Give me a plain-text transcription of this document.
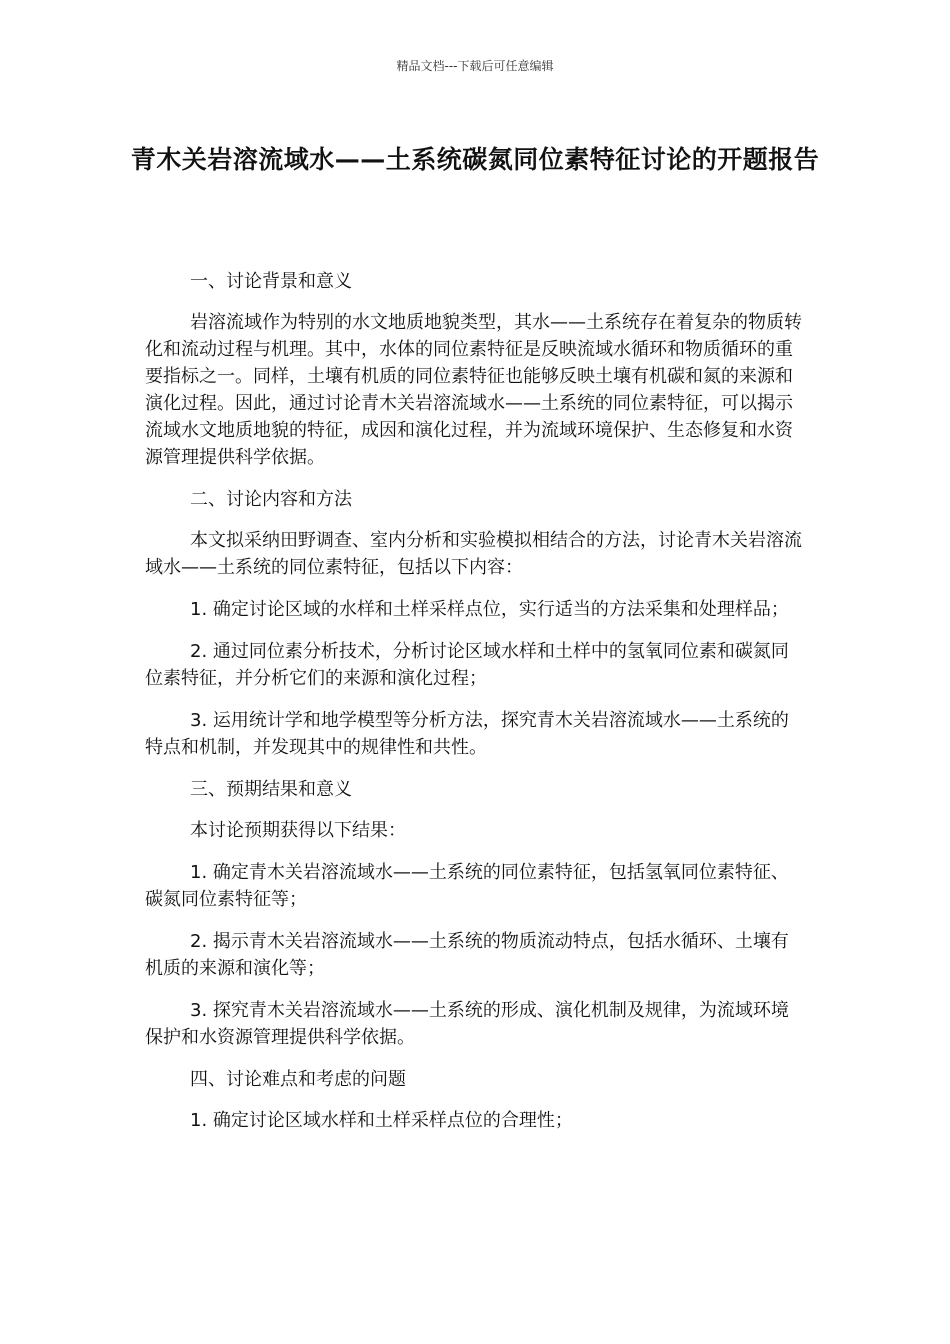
精品文档---下载后可任意编辑
青木关岩溶流域水——土系统碳氮同位素特征讨论的开题报告

一、讨论背景和意义

岩溶流域作为特别的水文地质地貌类型，其水——土系统存在着复杂的物质转化和流动过程与机理。其中，水体的同位素特征是反映流域水循环和物质循环的重要指标之一。同样，土壤有机质的同位素特征也能够反映土壤有机碳和氮的来源和演化过程。因此，通过讨论青木关岩溶流域水——土系统的同位素特征，可以揭示流域水文地质地貌的特征，成因和演化过程，并为流域环境保护、生态修复和水资源管理提供科学依据。

二、讨论内容和方法

本文拟采纳田野调查、室内分析和实验模拟相结合的方法，讨论青木关岩溶流域水——土系统的同位素特征，包括以下内容：

1. 确定讨论区域的水样和土样采样点位，实行适当的方法采集和处理样品；

2. 通过同位素分析技术，分析讨论区域水样和土样中的氢氧同位素和碳氮同位素特征，并分析它们的来源和演化过程；

3. 运用统计学和地学模型等分析方法，探究青木关岩溶流域水——土系统的特点和机制，并发现其中的规律性和共性。

三、预期结果和意义

本讨论预期获得以下结果：

1. 确定青木关岩溶流域水——土系统的同位素特征，包括氢氧同位素特征、碳氮同位素特征等；

2. 揭示青木关岩溶流域水——土系统的物质流动特点，包括水循环、土壤有机质的来源和演化等；

3. 探究青木关岩溶流域水——土系统的形成、演化机制及规律，为流域环境保护和水资源管理提供科学依据。

四、讨论难点和考虑的问题

1. 确定讨论区域水样和土样采样点位的合理性；
